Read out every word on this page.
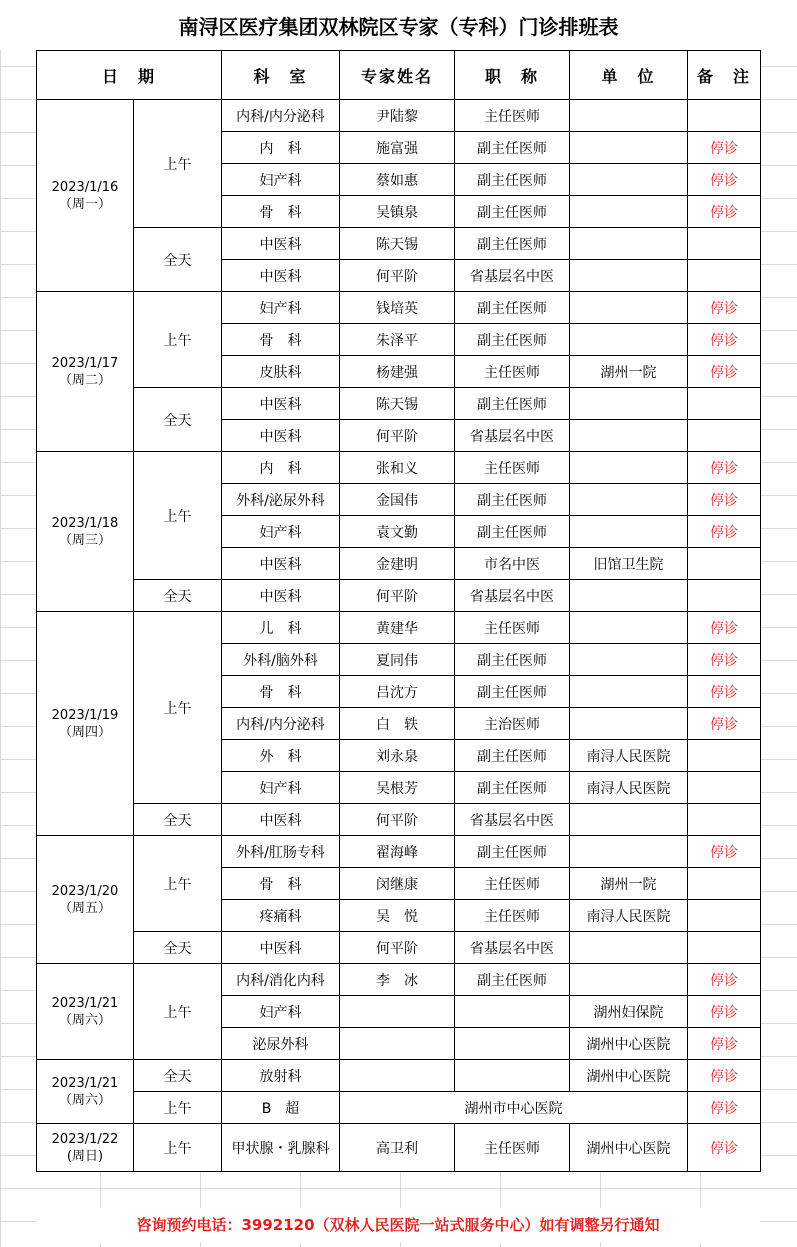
南浔区医疗集团双林院区专家（专科）门诊排班表
日　期		科　室	专家姓名	职　称	单　位	备　注

2023/1/16
（周一）	上午	内科/内分泌科	尹陆黎	主任医师		
		内　科	施富强	副主任医师		停诊
		妇产科	蔡如惠	副主任医师		停诊
		骨　科	吴镇泉	副主任医师		停诊
	全天	中医科	陈天锡	副主任医师		
		中医科	何平阶	省基层名中医		

2023/1/17
（周二）	上午	妇产科	钱培英	副主任医师		停诊
		骨　科	朱泽平	副主任医师		停诊
		皮肤科	杨建强	主任医师	湖州一院	停诊
	全天	中医科	陈天锡	副主任医师		
		中医科	何平阶	省基层名中医		

2023/1/18
（周三）	上午	内　科	张和义	主任医师		停诊
		外科/泌尿外科	金国伟	副主任医师		停诊
		妇产科	袁文勤	副主任医师		停诊
		中医科	金建明	市名中医	旧馆卫生院	
	全天	中医科	何平阶	省基层名中医		

2023/1/19
（周四）	上午	儿　科	黄建华	主任医师		停诊
		外科/脑外科	夏同伟	副主任医师		停诊
		骨　科	吕沈方	副主任医师		停诊
		内科/内分泌科	白　轶	主治医师		停诊
		外　科	刘永泉	副主任医师	南浔人民医院	
		妇产科	吴根芳	副主任医师	南浔人民医院	
	全天	中医科	何平阶	省基层名中医		

2023/1/20
（周五）	上午	外科/肛肠专科	翟海峰	副主任医师		停诊
		骨　科	闵继康	主任医师	湖州一院	
		疼痛科	吴　悦	主任医师	南浔人民医院	
	全天	中医科	何平阶	省基层名中医		

2023/1/21
（周六）	上午	内科/消化内科	李　冰	副主任医师		停诊
		妇产科			湖州妇保院	停诊
		泌尿外科			湖州中心医院	停诊

2023/1/21
（周六）	全天	放射科			湖州中心医院	停诊
	上午	B　超	湖州市中心医院			停诊

2023/1/22
(周日)	上午	甲状腺・乳腺科	高卫利	主任医师	湖州中心医院	停诊
咨询预约电话：3992120（双林人民医院一站式服务中心）如有调整另行通知
